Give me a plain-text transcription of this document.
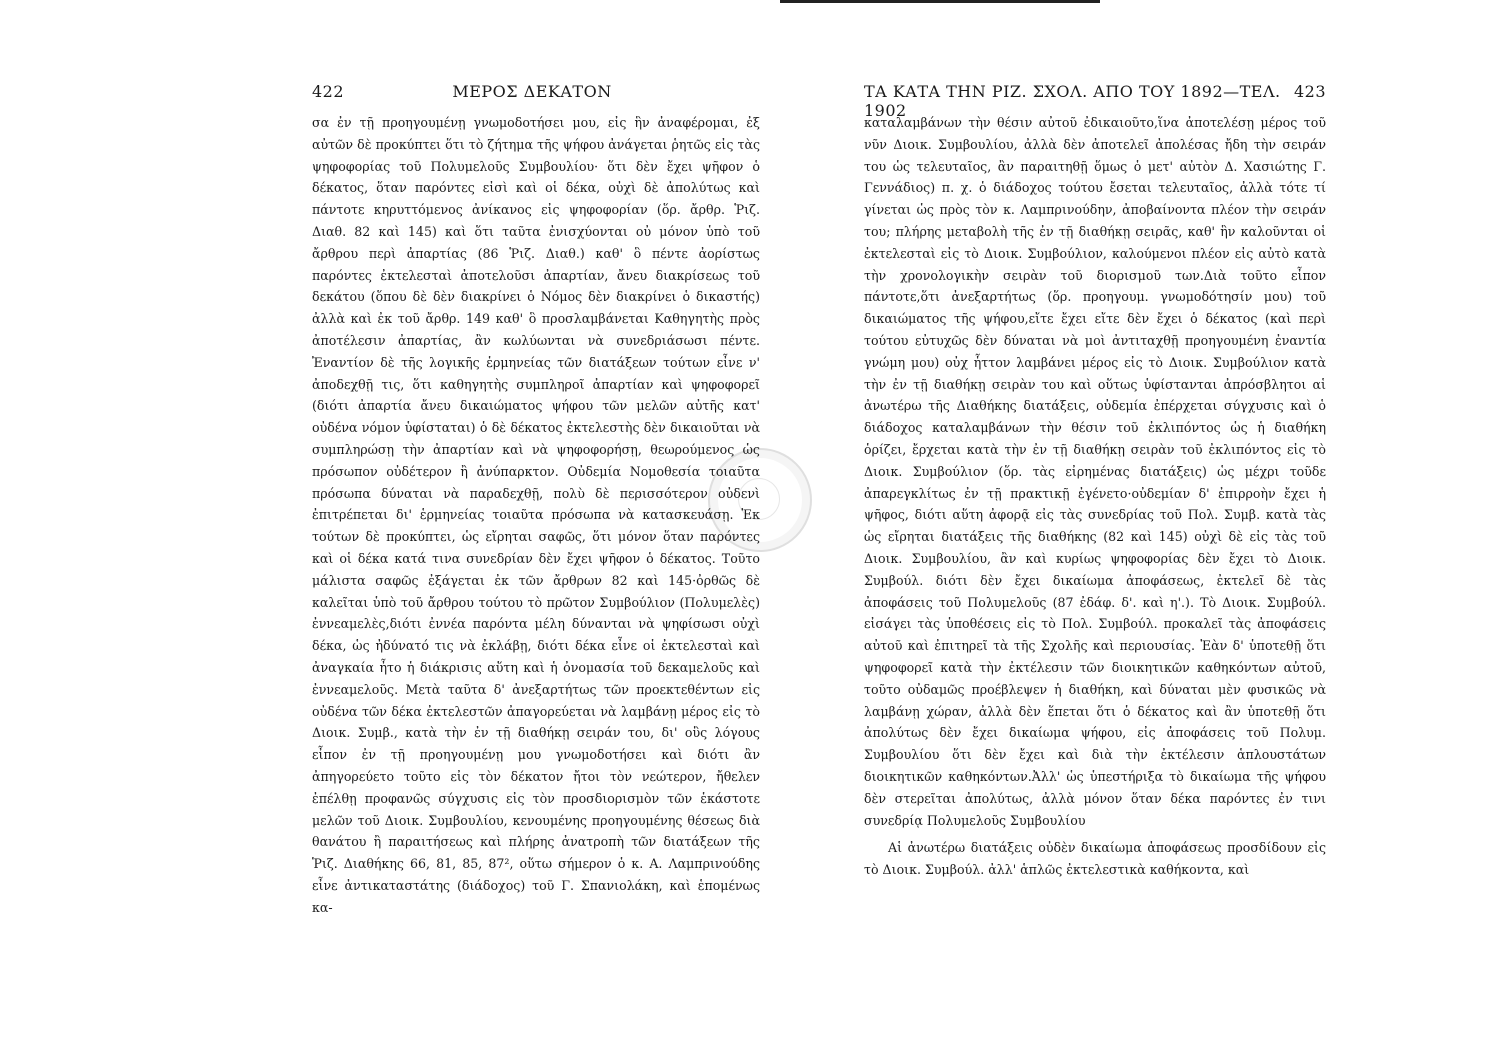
422	ΜΕΡΟΣ ΔΕΚΑΤΟΝ

σα ἐν τῇ προηγουμένῃ γνωμοδοτήσει μου, εἰς ἣν ἀναφέρομαι, ἐξ αὐτῶν δὲ προκύπτει ὅτι τὸ ζήτημα τῆς ψήφου ἀνάγεται ῥητῶς εἰς τὰς ψηφοφορίας τοῦ Πολυμελοῦς Συμβουλίου· ὅτι δὲν ἔχει ψῆφον ὁ δέκατος, ὅταν παρόντες εἰσὶ καὶ οἱ δέκα, οὐχὶ δὲ ἀπολύτως καὶ πάντοτε κηρυττόμενος ἀνίκανος εἰς ψηφοφορίαν (ὅρ. ἄρθρ. Ῥιζ. Διαθ. 82 καὶ 145) καὶ ὅτι ταῦτα ἐνισχύονται οὐ μόνον ὑπὸ τοῦ ἄρθρου περὶ ἀπαρτίας (86 Ῥιζ. Διαθ.) καθ' ὃ πέντε ἀορίστως παρόντες ἐκτελεσταὶ ἀποτελοῦσι ἀπαρτίαν, ἄνευ διακρίσεως τοῦ δεκάτου (ὅπου δὲ δὲν διακρίνει ὁ Νόμος δὲν διακρίνει ὁ δικαστής) ἀλλὰ καὶ ἐκ τοῦ ἄρθρ. 149 καθ' ὃ προσλαμβάνεται Καθηγητὴς πρὸς ἀποτέλεσιν ἀπαρτίας, ἂν κωλύωνται νὰ συνεδριάσωσι πέντε. Ἐναντίον δὲ τῆς λογικῆς ἑρμηνείας τῶν διατάξεων τούτων εἶνε ν' ἀποδεχθῇ τις, ὅτι καθηγητὴς συμπληροῖ ἀπαρτίαν καὶ ψηφοφορεῖ (διότι ἀπαρτία ἄνευ δικαιώματος ψήφου τῶν μελῶν αὐτῆς κατ' οὐδένα νόμον ὑφίσταται) ὁ δὲ δέκατος ἐκτελεστὴς δὲν δικαιοῦται νὰ συμπληρώσῃ τὴν ἀπαρτίαν καὶ νὰ ψηφοφορήσῃ, θεωρούμενος ὡς πρόσωπον οὐδέτερον ἢ ἀνύπαρκτον. Οὐδεμία Νομοθεσία τοιαῦτα πρόσωπα δύναται νὰ παραδεχθῇ, πολὺ δὲ περισσότερον οὐδενὶ ἐπιτρέπεται δι' ἑρμηνείας τοιαῦτα πρόσωπα νὰ κατασκευάσῃ. Ἐκ τούτων δὲ προκύπτει, ὡς εἴρηται σαφῶς, ὅτι μόνον ὅταν παρόντες καὶ οἱ δέκα κατά τινα συνεδρίαν δὲν ἔχει ψῆφον ὁ δέκατος. Τοῦτο μάλιστα σαφῶς ἐξάγεται ἐκ τῶν ἄρθρων 82 καὶ 145·ὀρθῶς δὲ καλεῖται ὑπὸ τοῦ ἄρθρου τούτου τὸ πρῶτον Συμβούλιον (Πολυμελὲς) ἐννεαμελὲς,διότι ἐννέα παρόντα μέλη δύνανται νὰ ψηφίσωσι οὐχὶ δέκα, ὡς ἠδύνατό τις νὰ ἐκλάβῃ, διότι δέκα εἶνε οἱ ἐκτελεσταὶ καὶ ἀναγκαία ἦτο ἡ διάκρισις αὕτη καὶ ἡ ὀνομασία τοῦ δεκαμελοῦς καὶ ἐννεαμελοῦς. Μετὰ ταῦτα δ' ἀνεξαρτήτως τῶν προεκτεθέντων εἰς οὐδένα τῶν δέκα ἐκτελεστῶν ἀπαγορεύεται νὰ λαμβάνῃ μέρος εἰς τὸ Διοικ. Συμβ., κατὰ τὴν ἐν τῇ διαθήκῃ σειράν του, δι' οὓς λόγους εἶπον ἐν τῇ προηγουμένῃ μου γνωμοδοτήσει καὶ διότι ἂν ἀπηγορεύετο τοῦτο εἰς τὸν δέκατον ἤτοι τὸν νεώτερον, ἤθελεν ἐπέλθῃ προφανῶς σύγχυσις εἰς τὸν προσδιορισμὸν τῶν ἑκάστοτε μελῶν τοῦ Διοικ. Συμβουλίου, κενουμένης προηγουμένης θέσεως διὰ θανάτου ἢ παραιτήσεως καὶ πλήρης ἀνατροπὴ τῶν διατάξεων τῆς Ῥιζ. Διαθήκης 66, 81, 85, 87², οὕτω σήμερον ὁ κ. Α. Λαμπρινούδης εἶνε ἀντικαταστάτης (διάδοχος) τοῦ Γ. Σπανιολάκη, καὶ ἑπομένως κα-

ΤΑ ΚΑΤΑ ΤΗΝ ΡΙΖ. ΣΧΟΛ. ΑΠΟ ΤΟΥ 1892—ΤΕΛ. 1902
423

καταλαμβάνων τὴν θέσιν αὐτοῦ ἐδικαιοῦτο,ἵνα ἀποτελέσῃ μέρος τοῦ νῦν Διοικ. Συμβουλίου, ἀλλὰ δὲν ἀποτελεῖ ἀπολέσας ἤδη τὴν σειράν του ὡς τελευταῖος, ἂν παραιτηθῇ ὅμως ὁ μετ' αὐτὸν Δ. Χασιώτης Γ. Γεννάδιος) π. χ. ὁ διάδοχος τούτου ἔσεται τελευταῖος, ἀλλὰ τότε τί γίνεται ὡς πρὸς τὸν κ. Λαμπρινούδην, ἀποβαίνοντα πλέον τὴν σειράν του; πλήρης μεταβολὴ τῆς ἐν τῇ διαθήκῃ σειρᾶς, καθ' ἣν καλοῦνται οἱ ἐκτελεσταὶ εἰς τὸ Διοικ. Συμβούλιον, καλούμενοι πλέον εἰς αὐτὸ κατὰ τὴν χρονολογικὴν σειρὰν τοῦ διορισμοῦ των.Διὰ τοῦτο εἶπον πάντοτε,ὅτι ἀνεξαρτήτως (ὅρ. προηγουμ. γνωμοδότησίν μου) τοῦ δικαιώματος τῆς ψήφου,εἴτε ἔχει εἴτε δὲν ἔχει ὁ δέκατος (καὶ περὶ τούτου εὐτυχῶς δὲν δύναται νὰ μοὶ ἀντιταχθῇ προηγουμένη ἐναντία γνώμη μου) οὐχ ἧττον λαμβάνει μέρος εἰς τὸ Διοικ. Συμβούλιον κατὰ τὴν ἐν τῇ διαθήκῃ σειρὰν του καὶ οὕτως ὑφίστανται ἀπρόσβλητοι αἱ ἀνωτέρω τῆς Διαθήκης διατάξεις, οὐδεμία ἐπέρχεται σύγχυσις καὶ ὁ διάδοχος καταλαμβάνων τὴν θέσιν τοῦ ἐκλιπόντος ὡς ἡ διαθήκη ὁρίζει, ἔρχεται κατὰ τὴν ἐν τῇ διαθήκῃ σειρὰν τοῦ ἐκλιπόντος εἰς τὸ Διοικ. Συμβούλιον (ὅρ. τὰς εἰρημένας διατάξεις) ὡς μέχρι τοῦδε ἀπαρεγκλίτως ἐν τῇ πρακτικῇ ἐγένετο·οὐδεμίαν δ' ἐπιρροὴν ἔχει ἡ ψῆφος, διότι αὕτη ἀφορᾷ εἰς τὰς συνεδρίας τοῦ Πολ. Συμβ. κατὰ τὰς ὡς εἴρηται διατάξεις τῆς διαθήκης (82 καὶ 145) οὐχὶ δὲ εἰς τὰς τοῦ Διοικ. Συμβουλίου, ἂν καὶ κυρίως ψηφοφορίας δὲν ἔχει τὸ Διοικ. Συμβούλ. διότι δὲν ἔχει δικαίωμα ἀποφάσεως, ἐκτελεῖ δὲ τὰς ἀποφάσεις τοῦ Πολυμελοῦς (87 ἐδάφ. δ'. καὶ η'.). Τὸ Διοικ. Συμβούλ. εἰσάγει τὰς ὑποθέσεις εἰς τὸ Πολ. Συμβούλ. προκαλεῖ τὰς ἀποφάσεις αὐτοῦ καὶ ἐπιτηρεῖ τὰ τῆς Σχολῆς καὶ περιουσίας. Ἐὰν δ' ὑποτεθῇ ὅτι ψηφοφορεῖ κατὰ τὴν ἐκτέλεσιν τῶν διοικητικῶν καθηκόντων αὐτοῦ, τοῦτο οὐδαμῶς προέβλεψεν ἡ διαθήκη, καὶ δύναται μὲν φυσικῶς νὰ λαμβάνῃ χώραν, ἀλλὰ δὲν ἕπεται ὅτι ὁ δέκατος καὶ ἂν ὑποτεθῇ ὅτι ἀπολύτως δὲν ἔχει δικαίωμα ψήφου, εἰς ἀποφάσεις τοῦ Πολυμ. Συμβουλίου ὅτι δὲν ἔχει καὶ διὰ τὴν ἐκτέλεσιν ἁπλουστάτων διοικητικῶν καθηκόντων.Ἀλλ' ὡς ὑπεστήριξα τὸ δικαίωμα τῆς ψήφου δὲν στερεῖται ἀπολύτως, ἀλλὰ μόνον ὅταν δέκα παρόντες ἐν τινι συνεδρίᾳ Πολυμελοῦς Συμβουλίου

Αἱ ἀνωτέρω διατάξεις οὐδὲν δικαίωμα ἀποφάσεως προσδίδουν εἰς τὸ Διοικ. Συμβούλ. ἀλλ' ἁπλῶς ἐκτελεστικὰ καθήκοντα, καὶ
